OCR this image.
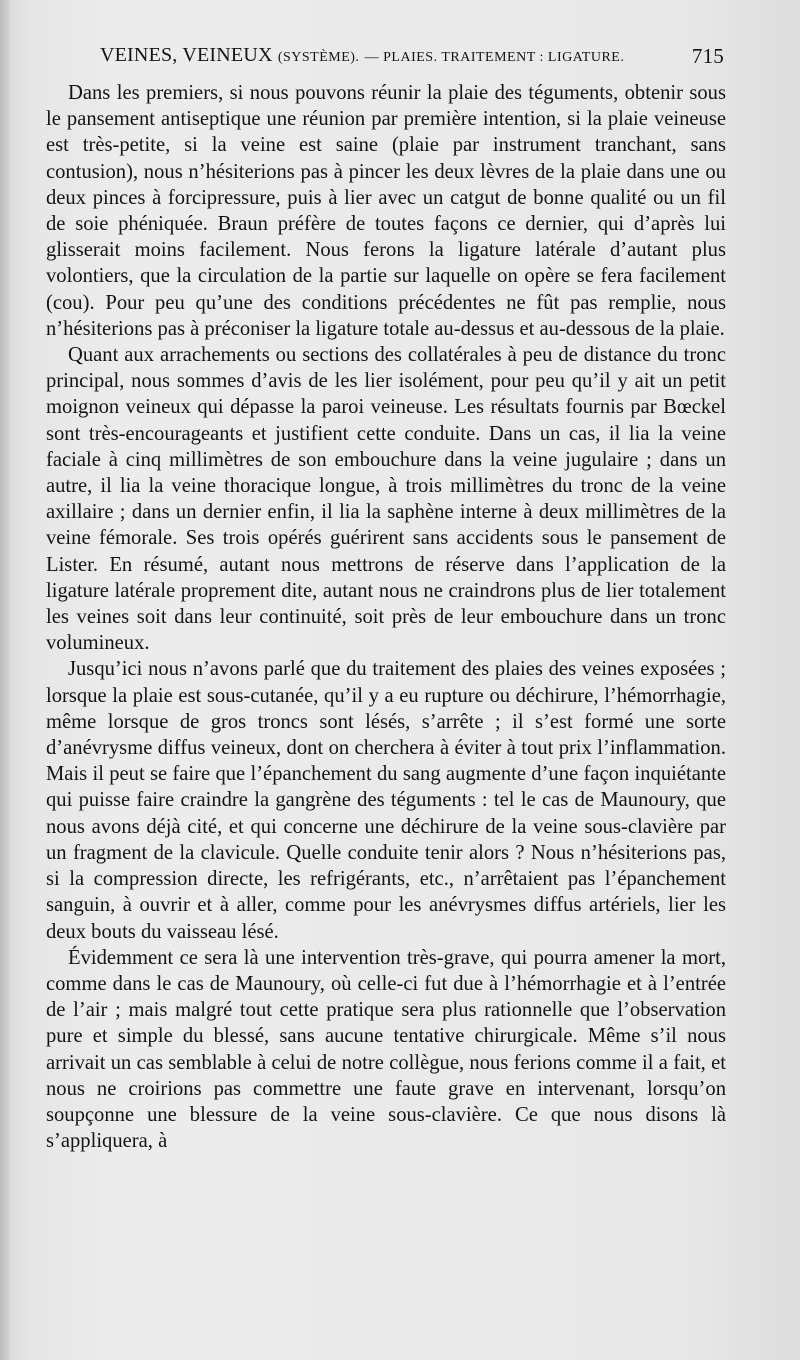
VEINES, VEINEUX (SYSTÈME). — PLAIES. TRAITEMENT : LIGATURE.	715

Dans les premiers, si nous pouvons réunir la plaie des téguments, obtenir sous le pansement antiseptique une réunion par première intention, si la plaie veineuse est très-petite, si la veine est saine (plaie par instrument tranchant, sans contusion), nous n’hésiterions pas à pincer les deux lèvres de la plaie dans une ou deux pinces à forcipressure, puis à lier avec un catgut de bonne qualité ou un fil de soie phéniquée. Braun préfère de toutes façons ce dernier, qui d’après lui glisserait moins facilement. Nous ferons la ligature latérale d’autant plus volontiers, que la circulation de la partie sur laquelle on opère se fera facilement (cou). Pour peu qu’une des conditions précédentes ne fût pas remplie, nous n’hésiterions pas à préconiser la ligature totale au-dessus et au-dessous de la plaie.

Quant aux arrachements ou sections des collatérales à peu de distance du tronc principal, nous sommes d’avis de les lier isolément, pour peu qu’il y ait un petit moignon veineux qui dépasse la paroi veineuse. Les résultats fournis par Bœckel sont très-encourageants et justifient cette conduite. Dans un cas, il lia la veine faciale à cinq millimètres de son embouchure dans la veine jugulaire ; dans un autre, il lia la veine thoracique longue, à trois millimètres du tronc de la veine axillaire ; dans un dernier enfin, il lia la saphène interne à deux millimètres de la veine fémorale. Ses trois opérés guérirent sans accidents sous le pansement de Lister. En résumé, autant nous mettrons de réserve dans l’application de la ligature latérale proprement dite, autant nous ne craindrons plus de lier totalement les veines soit dans leur continuité, soit près de leur embouchure dans un tronc volumineux.

Jusqu’ici nous n’avons parlé que du traitement des plaies des veines exposées ; lorsque la plaie est sous-cutanée, qu’il y a eu rupture ou déchirure, l’hémorrhagie, même lorsque de gros troncs sont lésés, s’arrête ; il s’est formé une sorte d’anévrysme diffus veineux, dont on cherchera à éviter à tout prix l’inflammation. Mais il peut se faire que l’épanchement du sang augmente d’une façon inquiétante qui puisse faire craindre la gangrène des téguments : tel le cas de Maunoury, que nous avons déjà cité, et qui concerne une déchirure de la veine sous-clavière par un fragment de la clavicule. Quelle conduite tenir alors ? Nous n’hésiterions pas, si la compression directe, les refrigérants, etc., n’arrêtaient pas l’épanchement sanguin, à ouvrir et à aller, comme pour les anévrysmes diffus artériels, lier les deux bouts du vaisseau lésé.

Évidemment ce sera là une intervention très-grave, qui pourra amener la mort, comme dans le cas de Maunoury, où celle-ci fut due à l’hémorrhagie et à l’entrée de l’air ; mais malgré tout cette pratique sera plus rationnelle que l’observation pure et simple du blessé, sans aucune tentative chirurgicale. Même s’il nous arrivait un cas semblable à celui de notre collègue, nous ferions comme il a fait, et nous ne croirions pas commettre une faute grave en intervenant, lorsqu’on soupçonne une blessure de la veine sous-clavière. Ce que nous disons là s’appliquera, à
